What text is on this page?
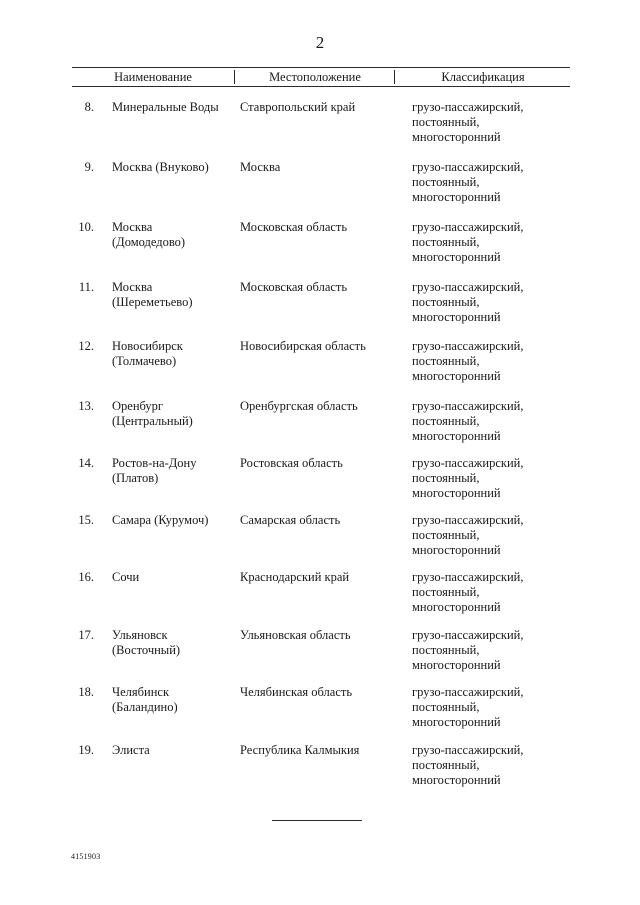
2
Наименование	Местоположение	Классификация
8. Минеральные Воды	Ставропольский край	грузо-пассажирский,
постоянный,
многосторонний
9. Москва (Внуково)	Москва	грузо-пассажирский,
постоянный,
многосторонний
10. Москва
(Домодедово)
Московская область	грузо-пассажирский,
постоянный,
многосторонний
11. Москва
(Шереметьево)
Московская область	грузо-пассажирский,
постоянный,
многосторонний
12. Новосибирск
(Толмачево)
Новосибирская область	грузо-пассажирский,
постоянный,
многосторонний
13. Оренбург
(Центральный)
Оренбургская область	грузо-пассажирский,
постоянный,
многосторонний
14. Ростов-на-Дону
(Платов)
Ростовская область	грузо-пассажирский,
постоянный,
многосторонний
15. Самара (Курумоч)	Самарская область	грузо-пассажирский,
постоянный,
многосторонний
16. Сочи	Краснодарский край	грузо-пассажирский,
постоянный,
многосторонний
17. Ульяновск
(Восточный)
Ульяновская область	грузо-пассажирский,
постоянный,
многосторонний
18. Челябинск
(Баландино)
Челябинская область	грузо-пассажирский,
постоянный,
многосторонний
19. Элиста	Республика Калмыкия	грузо-пассажирский,
постоянный,
многосторонний
4151903
